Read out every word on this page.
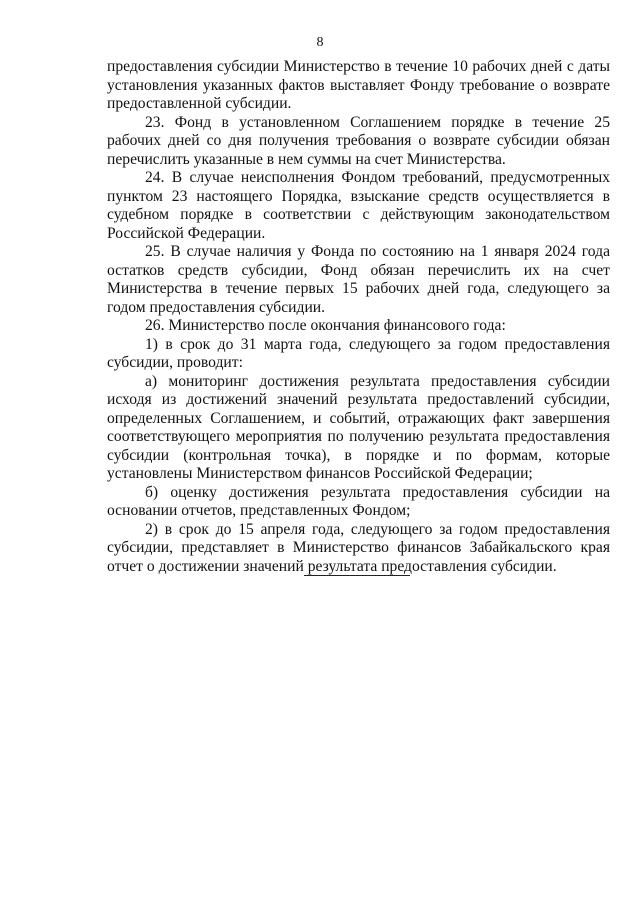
8

предоставления субсидии Министерство в течение 10 рабочих дней с даты установления указанных фактов выставляет Фонду требование о возврате предоставленной субсидии.

23. Фонд в установленном Соглашением порядке в течение 25 рабочих дней со дня получения требования о возврате субсидии обязан перечислить указанные в нем суммы на счет Министерства.

24. В случае неисполнения Фондом требований, предусмотренных пунктом 23 настоящего Порядка, взыскание средств осуществляется в судебном порядке в соответствии с действующим законодательством Российской Федерации.

25. В случае наличия у Фонда по состоянию на 1 января 2024 года остатков средств субсидии, Фонд обязан перечислить их на счет Министерства в течение первых 15 рабочих дней года, следующего за годом предоставления субсидии.

26. Министерство после окончания финансового года:

1) в срок до 31 марта года, следующего за годом предоставления субсидии, проводит:

а) мониторинг достижения результата предоставления субсидии исходя из достижений значений результата предоставлений субсидии, определенных Соглашением, и событий, отражающих факт завершения соответствующего мероприятия по получению результата предоставления субсидии (контрольная точка), в порядке и по формам, которые установлены Министерством финансов Российской Федерации;

б) оценку достижения результата предоставления субсидии на основании отчетов, представленных Фондом;

2) в срок до 15 апреля года, следующего за годом предоставления субсидии, представляет в Министерство финансов Забайкальского края отчет о достижении значений результата предоставления субсидии.
